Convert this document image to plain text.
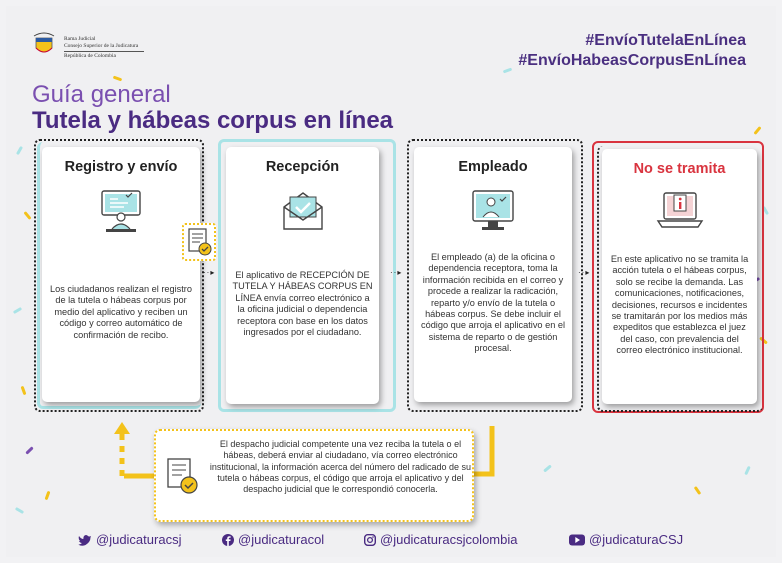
Rama Judicial
Consejo Superior de la Judicatura
República de Colombia
#EnvíoTutelaEnLínea
#EnvíoHabeasCorpusEnLínea
Guía general
Tutela y hábeas corpus en línea
Registro y envío
Los ciudadanos realizan el registro de la tutela o hábeas corpus por medio del aplicativo y reciben un código y correo automático de confirmación de recibo.
··▸	··▸	··▸
Recepción
El aplicativo de RECEPCIÓN DE TUTELA Y HÁBEAS CORPUS EN LÍNEA envía correo electrónico a la oficina judicial o dependencia receptora con base en los datos ingresados por el ciudadano.
Empleado
El empleado (a) de la oficina o dependencia receptora, toma la información recibida en el correo y procede a realizar la radicación, reparto y/o envío de la tutela o hábeas corpus. Se debe incluir el código que arroja el aplicativo en el sistema de reparto o de gestión procesal.
No se tramita
En este aplicativo no se tramita la acción tutela o el hábeas corpus, solo se recibe la demanda. Las comunicaciones, notificaciones, decisiones, recursos e incidentes se tramitarán por los medios más expeditos que establezca el juez del caso, con prevalencia del correo electrónico institucional.
El despacho judicial competente una vez reciba la tutela o el hábeas, deberá enviar al ciudadano, vía correo electrónico institucional, la información acerca del número del radicado de su tutela o hábeas corpus, el código que arroja el aplicativo y del despacho judicial que le correspondió conocerla.
@judicaturacsj	@judicaturacol	@judicaturacsjcolombia	@judicaturaCSJ
